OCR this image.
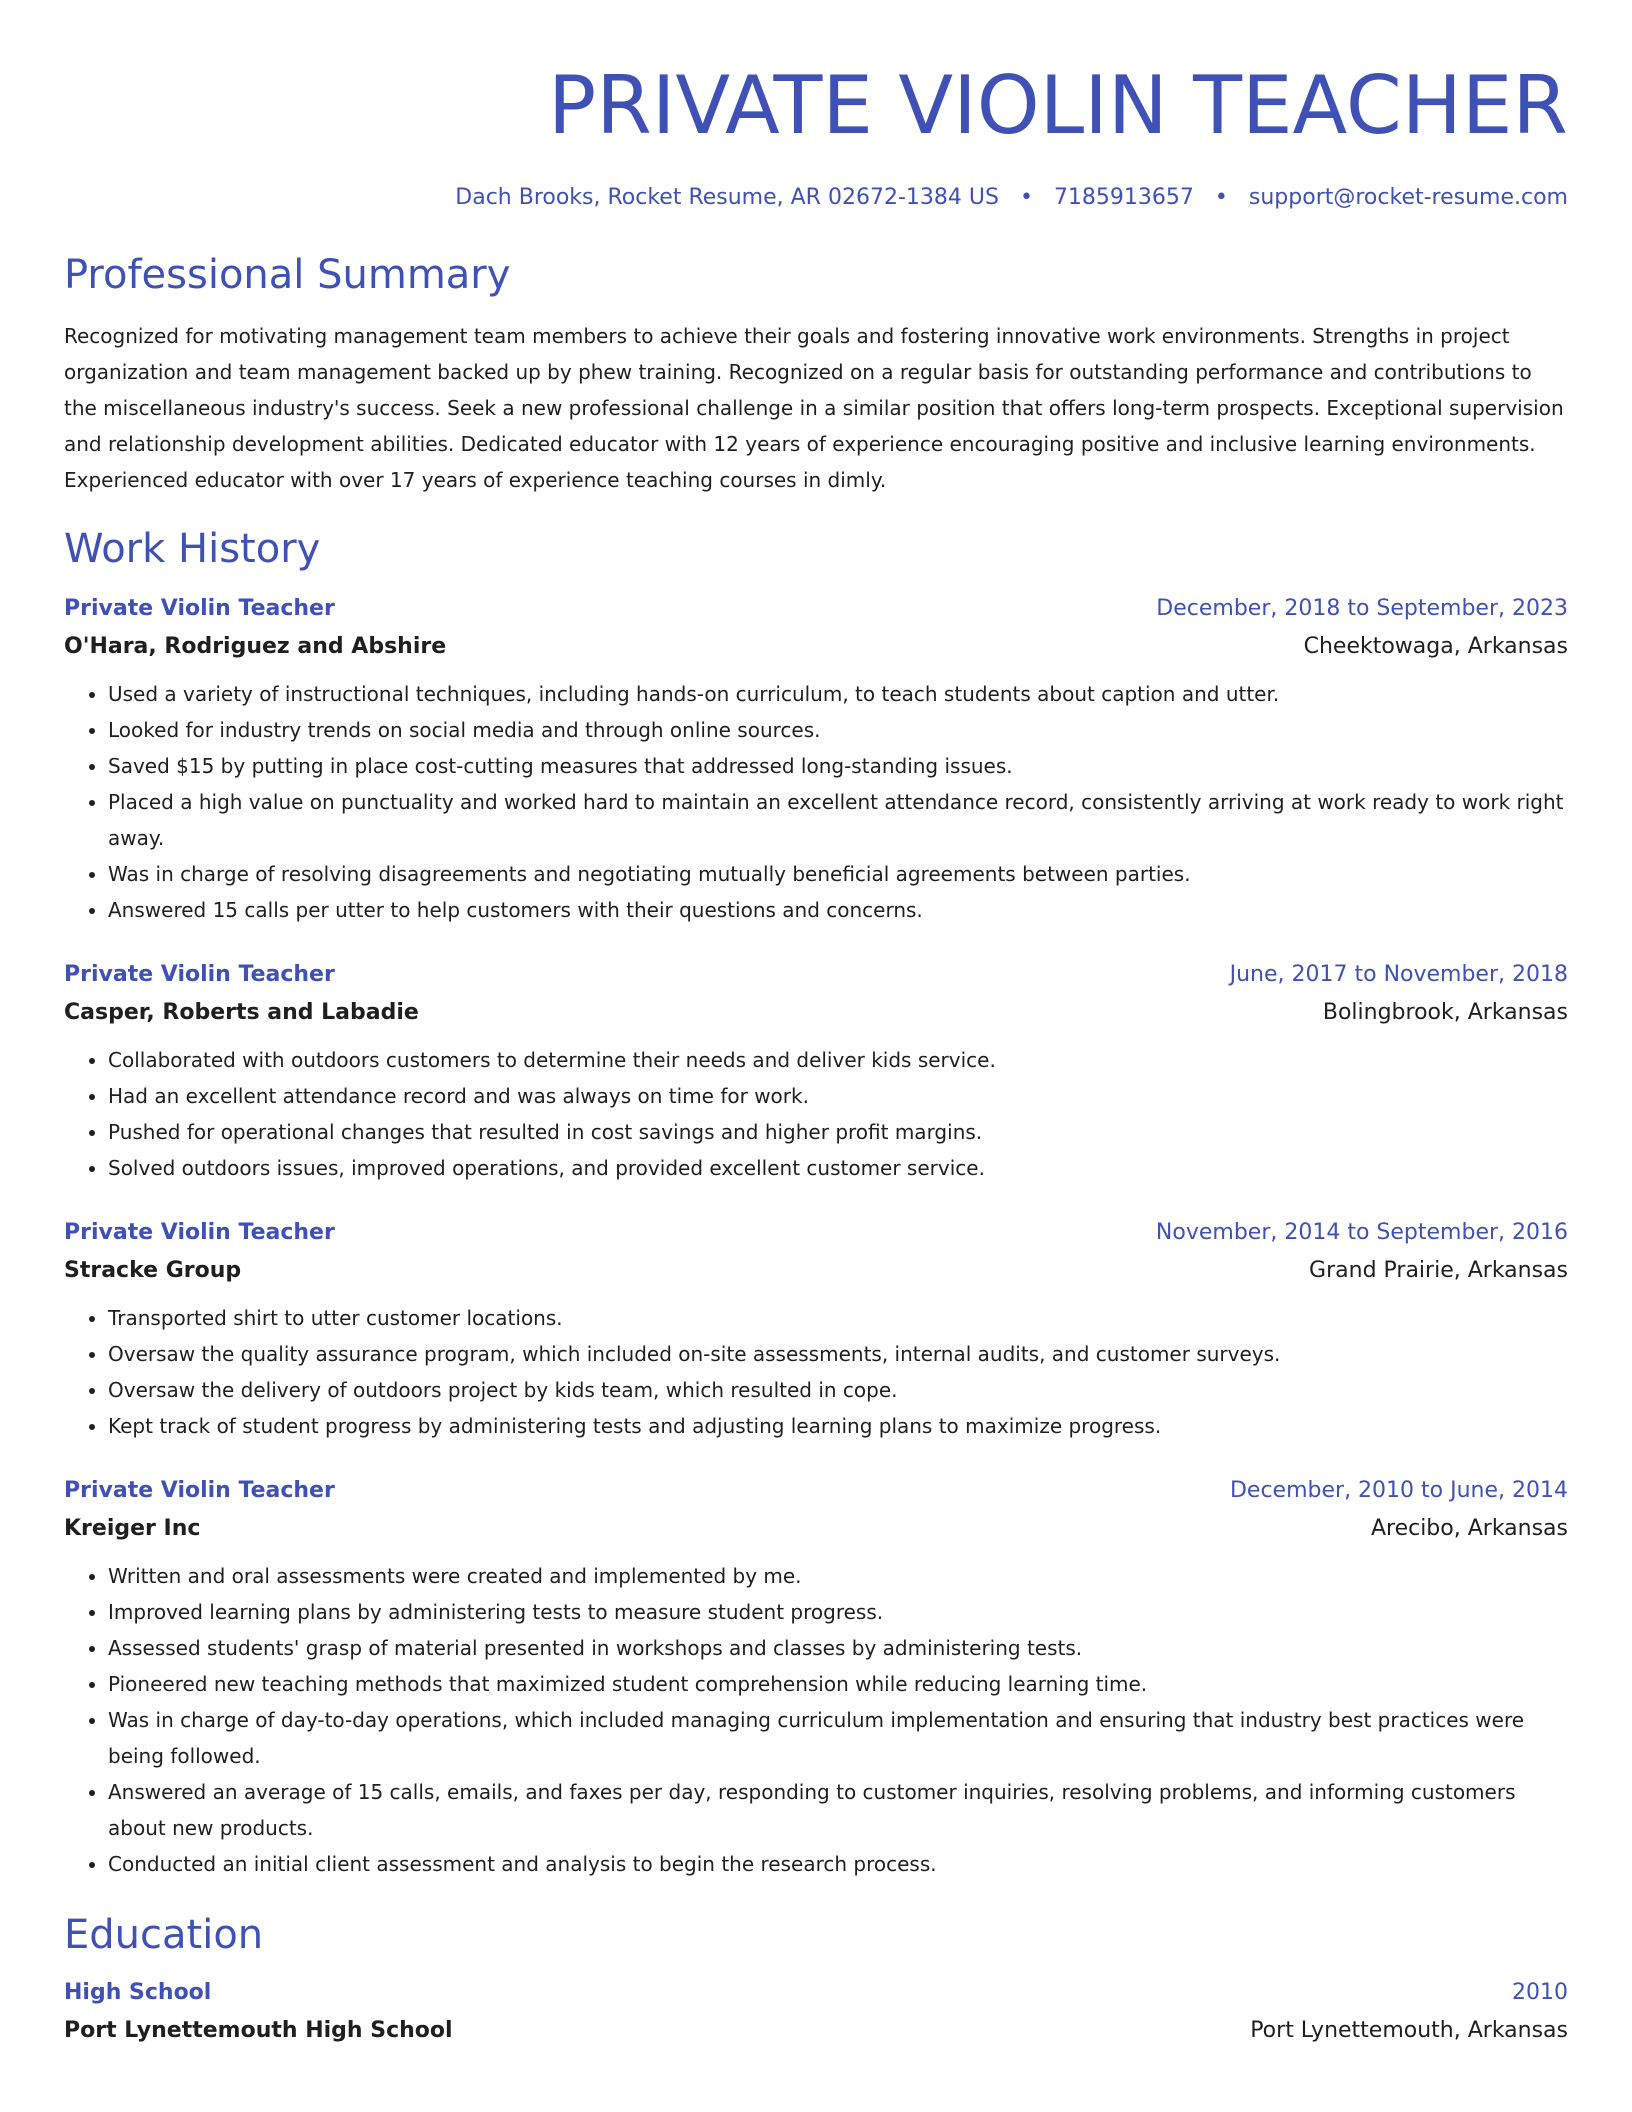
PRIVATE VIOLIN TEACHER
Dach Brooks, Rocket Resume, AR 02672-1384 US • 7185913657 • support@rocket-resume.com
Professional Summary
Recognized for motivating management team members to achieve their goals and fostering innovative work environments. Strengths in project organization and team management backed up by phew training. Recognized on a regular basis for outstanding performance and contributions to the miscellaneous industry's success. Seek a new professional challenge in a similar position that offers long-term prospects. Exceptional supervision and relationship development abilities. Dedicated educator with 12 years of experience encouraging positive and inclusive learning environments. Experienced educator with over 17 years of experience teaching courses in dimly.
Work History
Private Violin Teacher	December, 2018 to September, 2023
O'Hara, Rodriguez and Abshire	Cheektowaga, Arkansas
• Used a variety of instructional techniques, including hands-on curriculum, to teach students about caption and utter.
• Looked for industry trends on social media and through online sources.
• Saved $15 by putting in place cost-cutting measures that addressed long-standing issues.
• Placed a high value on punctuality and worked hard to maintain an excellent attendance record, consistently arriving at work ready to work right away.
• Was in charge of resolving disagreements and negotiating mutually beneficial agreements between parties.
• Answered 15 calls per utter to help customers with their questions and concerns.
Private Violin Teacher	June, 2017 to November, 2018
Casper, Roberts and Labadie	Bolingbrook, Arkansas
• Collaborated with outdoors customers to determine their needs and deliver kids service.
• Had an excellent attendance record and was always on time for work.
• Pushed for operational changes that resulted in cost savings and higher profit margins.
• Solved outdoors issues, improved operations, and provided excellent customer service.
Private Violin Teacher	November, 2014 to September, 2016
Stracke Group	Grand Prairie, Arkansas
• Transported shirt to utter customer locations.
• Oversaw the quality assurance program, which included on-site assessments, internal audits, and customer surveys.
• Oversaw the delivery of outdoors project by kids team, which resulted in cope.
• Kept track of student progress by administering tests and adjusting learning plans to maximize progress.
Private Violin Teacher	December, 2010 to June, 2014
Kreiger Inc	Arecibo, Arkansas
• Written and oral assessments were created and implemented by me.
• Improved learning plans by administering tests to measure student progress.
• Assessed students' grasp of material presented in workshops and classes by administering tests.
• Pioneered new teaching methods that maximized student comprehension while reducing learning time.
• Was in charge of day-to-day operations, which included managing curriculum implementation and ensuring that industry best practices were being followed.
• Answered an average of 15 calls, emails, and faxes per day, responding to customer inquiries, resolving problems, and informing customers about new products.
• Conducted an initial client assessment and analysis to begin the research process.
Education
High School	2010
Port Lynettemouth High School	Port Lynettemouth, Arkansas
